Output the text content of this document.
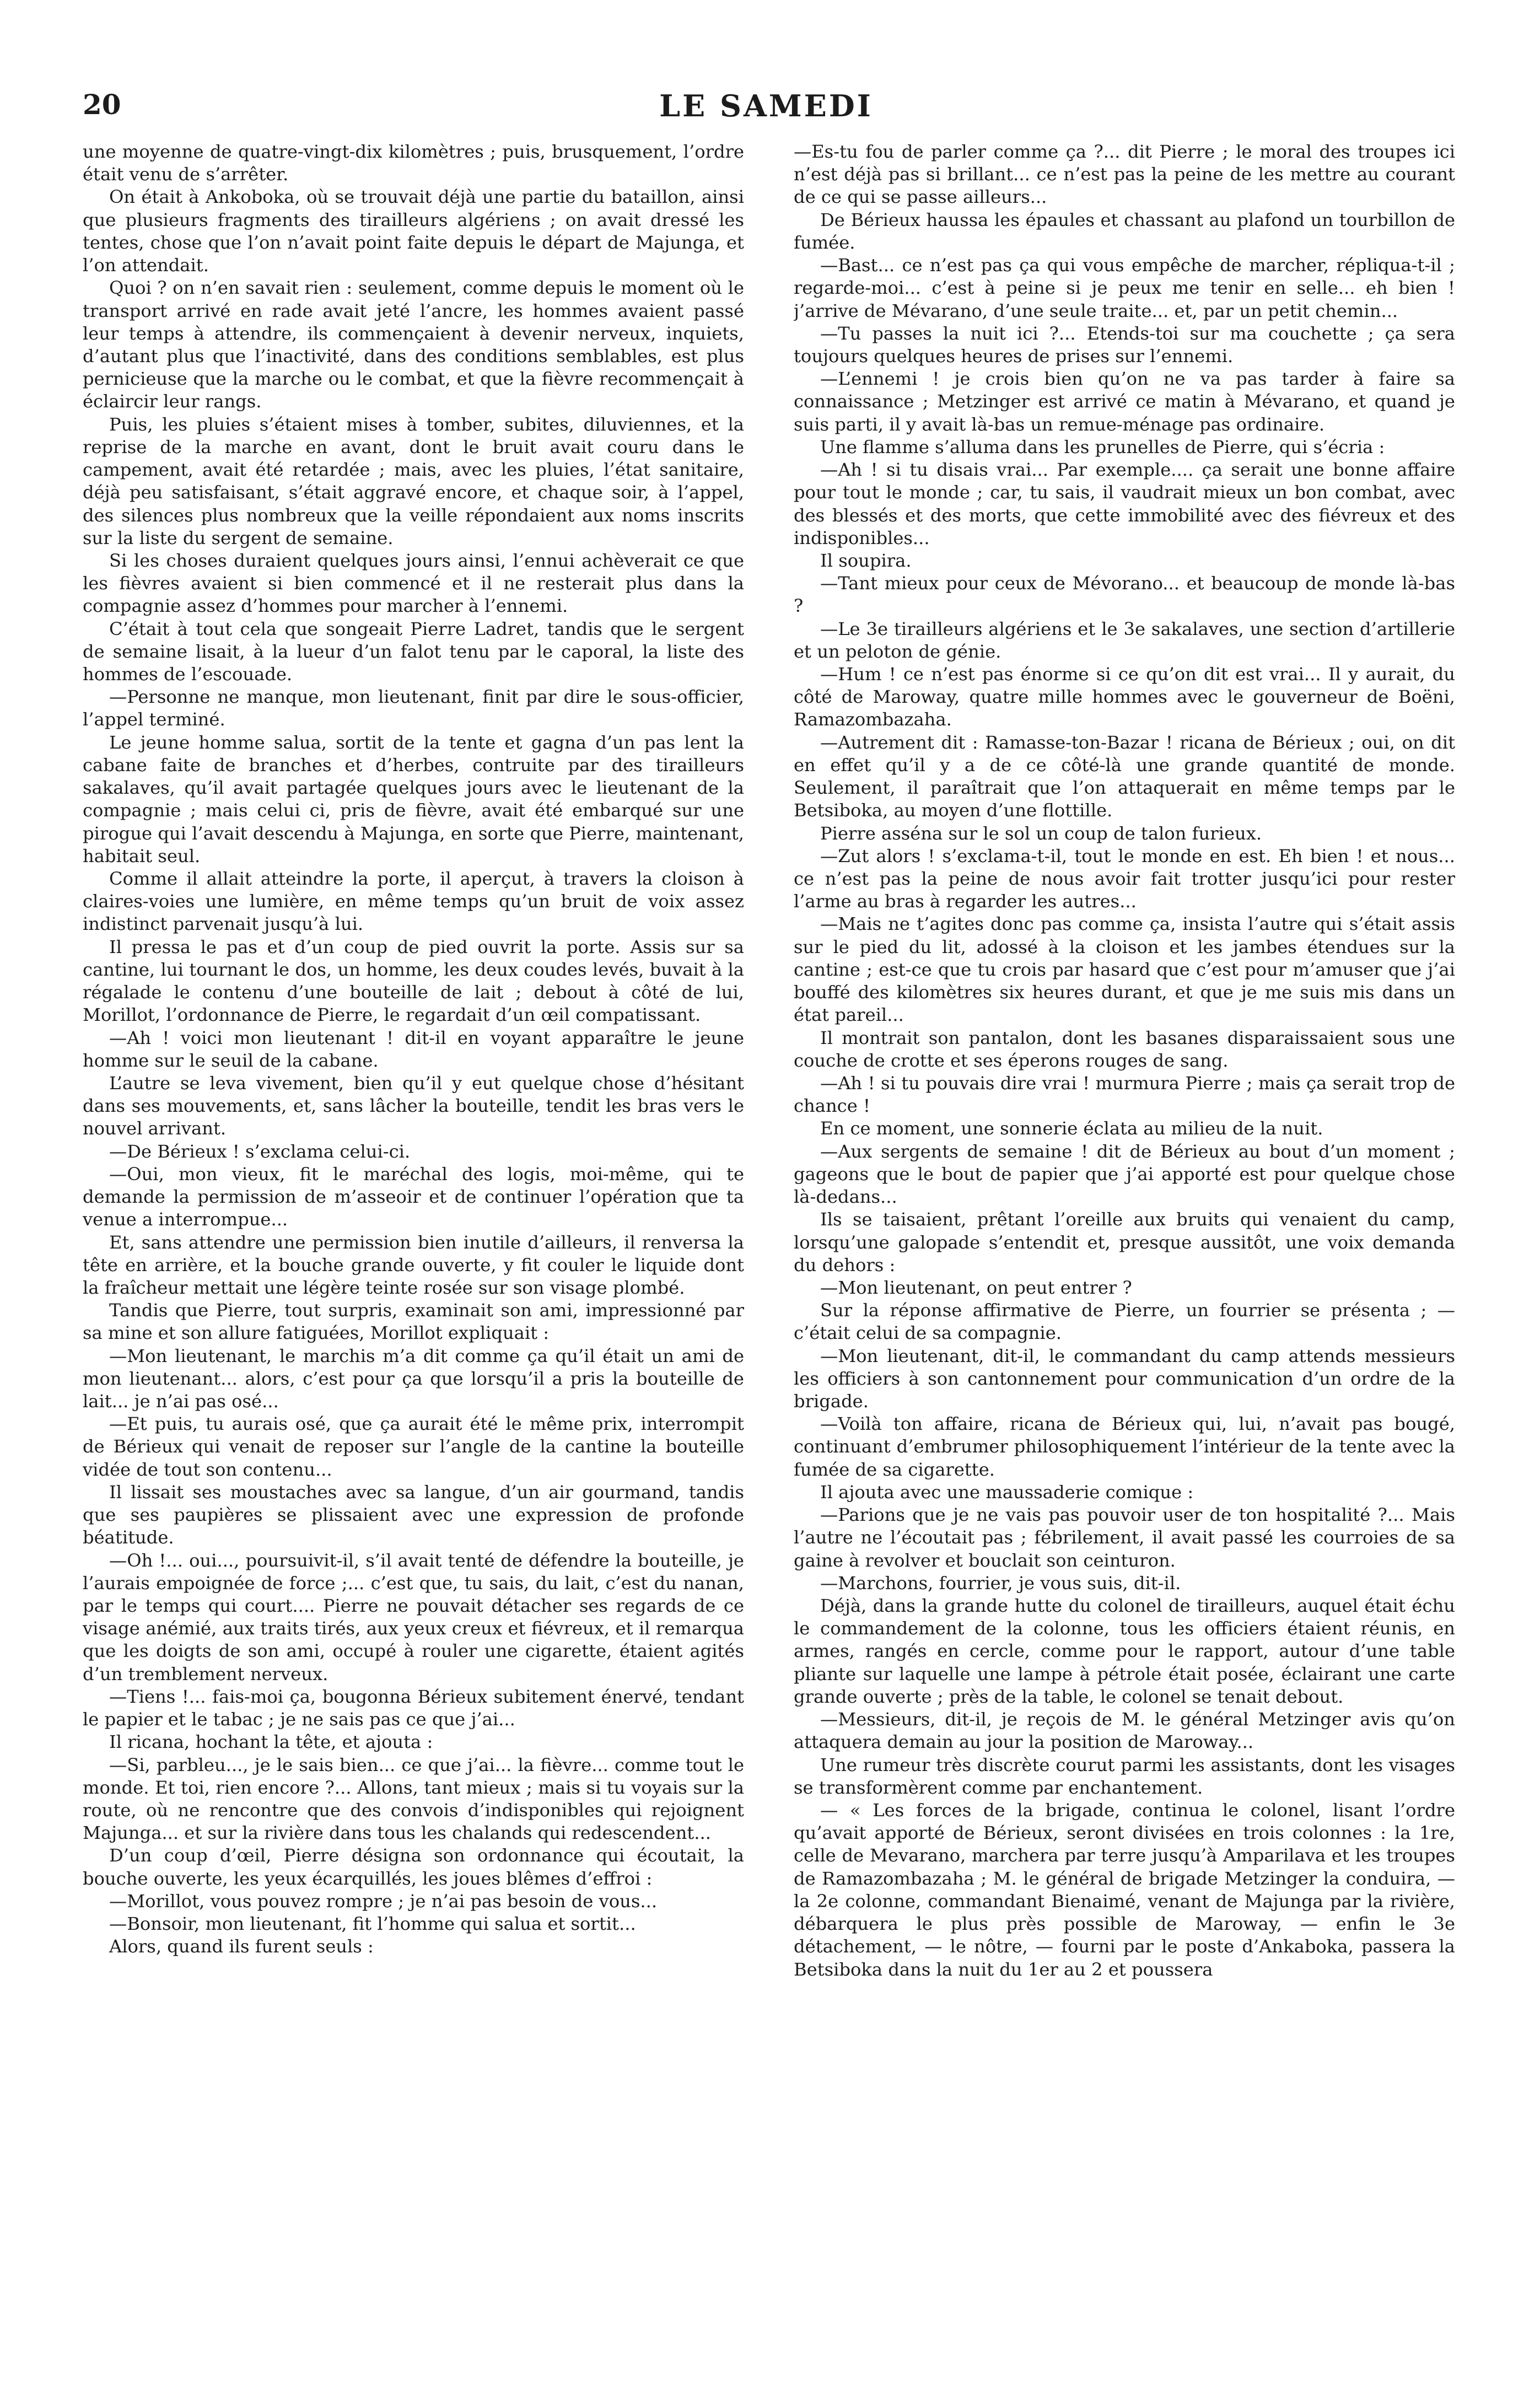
20	LE SAMEDI

une moyenne de quatre-vingt-dix kilomètres ; puis, brusquement, l’ordre était venu de s’arrêter.

On était à Ankoboka, où se trouvait déjà une partie du bataillon, ainsi que plusieurs fragments des tirailleurs algériens ; on avait dressé les tentes, chose que l’on n’avait point faite depuis le départ de Majunga, et l’on attendait.

Quoi ? on n’en savait rien : seulement, comme depuis le moment où le transport arrivé en rade avait jeté l’ancre, les hommes avaient passé leur temps à attendre, ils commençaient à devenir nerveux, inquiets, d’autant plus que l’inactivité, dans des conditions semblables, est plus pernicieuse que la marche ou le combat, et que la fièvre recommençait à éclaircir leur rangs.

Puis, les pluies s’étaient mises à tomber, subites, diluviennes, et la reprise de la marche en avant, dont le bruit avait couru dans le campement, avait été retardée ; mais, avec les pluies, l’état sanitaire, déjà peu satisfaisant, s’était aggravé encore, et chaque soir, à l’appel, des silences plus nombreux que la veille répondaient aux noms inscrits sur la liste du sergent de semaine.

Si les choses duraient quelques jours ainsi, l’ennui achèverait ce que les fièvres avaient si bien commencé et il ne resterait plus dans la compagnie assez d’hommes pour marcher à l’ennemi.

C’était à tout cela que songeait Pierre Ladret, tandis que le sergent de semaine lisait, à la lueur d’un falot tenu par le caporal, la liste des hommes de l’escouade.

—Personne ne manque, mon lieutenant, finit par dire le sous-officier, l’appel terminé.

Le jeune homme salua, sortit de la tente et gagna d’un pas lent la cabane faite de branches et d’herbes, contruite par des tirailleurs sakalaves, qu’il avait partagée quelques jours avec le lieutenant de la compagnie ; mais celui ci, pris de fièvre, avait été embarqué sur une pirogue qui l’avait descendu à Majunga, en sorte que Pierre, maintenant, habitait seul.

Comme il allait atteindre la porte, il aperçut, à travers la cloison à claires-voies une lumière, en même temps qu’un bruit de voix assez indistinct parvenait jusqu’à lui.

Il pressa le pas et d’un coup de pied ouvrit la porte. Assis sur sa cantine, lui tournant le dos, un homme, les deux coudes levés, buvait à la régalade le contenu d’une bouteille de lait ; debout à côté de lui, Morillot, l’ordonnance de Pierre, le regardait d’un œil compatissant.

—Ah ! voici mon lieutenant ! dit-il en voyant apparaître le jeune homme sur le seuil de la cabane.

L’autre se leva vivement, bien qu’il y eut quelque chose d’hésitant dans ses mouvements, et, sans lâcher la bouteille, tendit les bras vers le nouvel arrivant.

—De Bérieux ! s’exclama celui-ci.

—Oui, mon vieux, fit le maréchal des logis, moi-même, qui te demande la permission de m’asseoir et de continuer l’opération que ta venue a interrompue...

Et, sans attendre une permission bien inutile d’ailleurs, il renversa la tête en arrière, et la bouche grande ouverte, y fit couler le liquide dont la fraîcheur mettait une légère teinte rosée sur son visage plombé.

Tandis que Pierre, tout surpris, examinait son ami, impressionné par sa mine et son allure fatiguées, Morillot expliquait :

—Mon lieutenant, le marchis m’a dit comme ça qu’il était un ami de mon lieutenant... alors, c’est pour ça que lorsqu’il a pris la bouteille de lait... je n’ai pas osé...

—Et puis, tu aurais osé, que ça aurait été le même prix, interrompit de Bérieux qui venait de reposer sur l’angle de la cantine la bouteille vidée de tout son contenu...

Il lissait ses moustaches avec sa langue, d’un air gourmand, tandis que ses paupières se plissaient avec une expression de profonde béatitude.

—Oh !... oui..., poursuivit-il, s’il avait tenté de défendre la bouteille, je l’aurais empoignée de force ;... c’est que, tu sais, du lait, c’est du nanan, par le temps qui court.... Pierre ne pouvait détacher ses regards de ce visage anémié, aux traits tirés, aux yeux creux et fiévreux, et il remarqua que les doigts de son ami, occupé à rouler une cigarette, étaient agités d’un tremblement nerveux.

—Tiens !... fais-moi ça, bougonna Bérieux subitement énervé, tendant le papier et le tabac ; je ne sais pas ce que j’ai...

Il ricana, hochant la tête, et ajouta :

—Si, parbleu..., je le sais bien... ce que j’ai... la fièvre... comme tout le monde. Et toi, rien encore ?... Allons, tant mieux ; mais si tu voyais sur la route, où ne rencontre que des convois d’indisponibles qui rejoignent Majunga... et sur la rivière dans tous les chalands qui redescendent...

D’un coup d’œil, Pierre désigna son ordonnance qui écoutait, la bouche ouverte, les yeux écarquillés, les joues blêmes d’effroi :

—Morillot, vous pouvez rompre ; je n’ai pas besoin de vous...

—Bonsoir, mon lieutenant, fit l’homme qui salua et sortit...

Alors, quand ils furent seuls :

—Es-tu fou de parler comme ça ?... dit Pierre ; le moral des troupes ici n’est déjà pas si brillant... ce n’est pas la peine de les mettre au courant de ce qui se passe ailleurs...

De Bérieux haussa les épaules et chassant au plafond un tourbillon de fumée.

—Bast... ce n’est pas ça qui vous empêche de marcher, répliqua-t-il ; regarde-moi... c’est à peine si je peux me tenir en selle... eh bien ! j’arrive de Mévarano, d’une seule traite... et, par un petit chemin...

—Tu passes la nuit ici ?... Etends-toi sur ma couchette ; ça sera toujours quelques heures de prises sur l’ennemi.

—L’ennemi ! je crois bien qu’on ne va pas tarder à faire sa connaissance ; Metzinger est arrivé ce matin à Mévarano, et quand je suis parti, il y avait là-bas un remue-ménage pas ordinaire.

Une flamme s’alluma dans les prunelles de Pierre, qui s’écria :

—Ah ! si tu disais vrai... Par exemple.... ça serait une bonne affaire pour tout le monde ; car, tu sais, il vaudrait mieux un bon combat, avec des blessés et des morts, que cette immobilité avec des fiévreux et des indisponibles...

Il soupira.

—Tant mieux pour ceux de Mévorano... et beaucoup de monde là-bas ?

—Le 3e tirailleurs algériens et le 3e sakalaves, une section d’artillerie et un peloton de génie.

—Hum ! ce n’est pas énorme si ce qu’on dit est vrai... Il y aurait, du côté de Maroway, quatre mille hommes avec le gouverneur de Boëni, Ramazombazaha.

—Autrement dit : Ramasse-ton-Bazar ! ricana de Bérieux ; oui, on dit en effet qu’il y a de ce côté-là une grande quantité de monde. Seulement, il paraîtrait que l’on attaquerait en même temps par le Betsiboka, au moyen d’une flottille.

Pierre asséna sur le sol un coup de talon furieux.

—Zut alors ! s’exclama-t-il, tout le monde en est. Eh bien ! et nous... ce n’est pas la peine de nous avoir fait trotter jusqu’ici pour rester l’arme au bras à regarder les autres...

—Mais ne t’agites donc pas comme ça, insista l’autre qui s’était assis sur le pied du lit, adossé à la cloison et les jambes étendues sur la cantine ; est-ce que tu crois par hasard que c’est pour m’amuser que j’ai bouffé des kilomètres six heures durant, et que je me suis mis dans un état pareil...

Il montrait son pantalon, dont les basanes disparaissaient sous une couche de crotte et ses éperons rouges de sang.

—Ah ! si tu pouvais dire vrai ! murmura Pierre ; mais ça serait trop de chance !

En ce moment, une sonnerie éclata au milieu de la nuit.

—Aux sergents de semaine ! dit de Bérieux au bout d’un moment ; gageons que le bout de papier que j’ai apporté est pour quelque chose là-dedans...

Ils se taisaient, prêtant l’oreille aux bruits qui venaient du camp, lorsqu’une galopade s’entendit et, presque aussitôt, une voix demanda du dehors :

—Mon lieutenant, on peut entrer ?

Sur la réponse affirmative de Pierre, un fourrier se présenta ; — c’était celui de sa compagnie.

—Mon lieutenant, dit-il, le commandant du camp attends messieurs les officiers à son cantonnement pour communication d’un ordre de la brigade.

—Voilà ton affaire, ricana de Bérieux qui, lui, n’avait pas bougé, continuant d’embrumer philosophiquement l’intérieur de la tente avec la fumée de sa cigarette.

Il ajouta avec une maussaderie comique :

—Parions que je ne vais pas pouvoir user de ton hospitalité ?... Mais l’autre ne l’écoutait pas ; fébrilement, il avait passé les courroies de sa gaine à revolver et bouclait son ceinturon.

—Marchons, fourrier, je vous suis, dit-il.

Déjà, dans la grande hutte du colonel de tirailleurs, auquel était échu le commandement de la colonne, tous les officiers étaient réunis, en armes, rangés en cercle, comme pour le rapport, autour d’une table pliante sur laquelle une lampe à pétrole était posée, éclairant une carte grande ouverte ; près de la table, le colonel se tenait debout.

—Messieurs, dit-il, je reçois de M. le général Metzinger avis qu’on attaquera demain au jour la position de Maroway...

Une rumeur très discrète courut parmi les assistants, dont les visages se transformèrent comme par enchantement.

— « Les forces de la brigade, continua le colonel, lisant l’ordre qu’avait apporté de Bérieux, seront divisées en trois colonnes : la 1re, celle de Mevarano, marchera par terre jusqu’à Amparilava et les troupes de Ramazombazaha ; M. le général de brigade Metzinger la conduira, — la 2e colonne, commandant Bienaimé, venant de Majunga par la rivière, débarquera le plus près possible de Maroway, — enfin le 3e détachement, — le nôtre, — fourni par le poste d’Ankaboka, passera la Betsiboka dans la nuit du 1er au 2 et poussera
